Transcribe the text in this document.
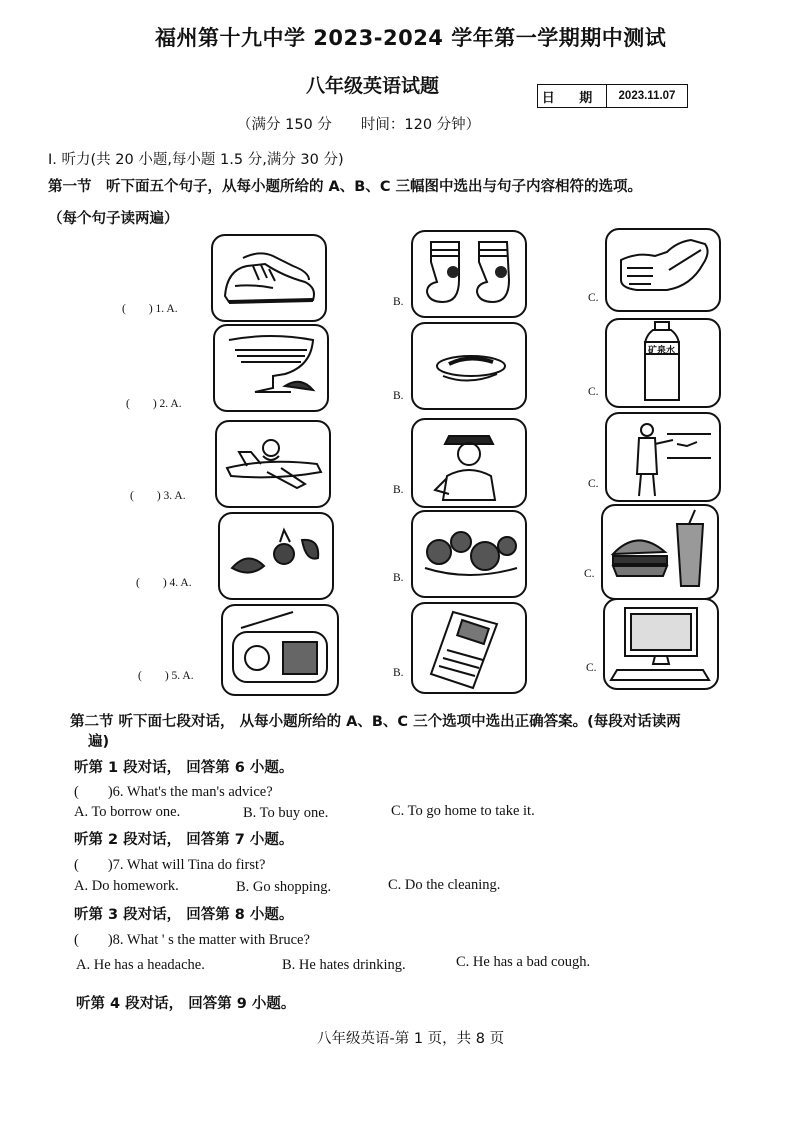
福州第十九中学 2023-2024 学年第一学期期中测试
八年级英语试题
日 期	2023.11.07
（满分 150 分　　时间：120 分钟）
I. 听力(共 20 小题,每小题 1.5 分,满分 30 分)
第一节　听下面五个句子，从每小题所给的 A、B、C 三幅图中选出与句子内容相符的选项。
（每个句子读两遍）
(　　) 1. A.
B.	C.
(　　) 2. A.
B.	C.
矿泉水
(　　) 3. A.	B.	C.
(　　) 4. A.	B.	C.
(　　) 5. A.	B.	C.
第二节 听下面七段对话， 从每小题所给的 A、B、C 三个选项中选出正确答案。(每段对话读两
遍)
听第 1 段对话， 回答第 6 小题。
(　　)6. What's the man's advice?
A. To borrow one.	B. To buy one.	C. To go home to take it.
听第 2 段对话， 回答第 7 小题。
(　　)7. What will Tina do first?
A. Do homework.	B. Go shopping.	C. Do the cleaning.
听第 3 段对话， 回答第 8 小题。
(　　)8. What ' s the matter with Bruce?
A. He has a headache.	B. He hates drinking.	C. He has a bad cough.
听第 4 段对话， 回答第 9 小题。
八年级英语-第 1 页，共 8 页
